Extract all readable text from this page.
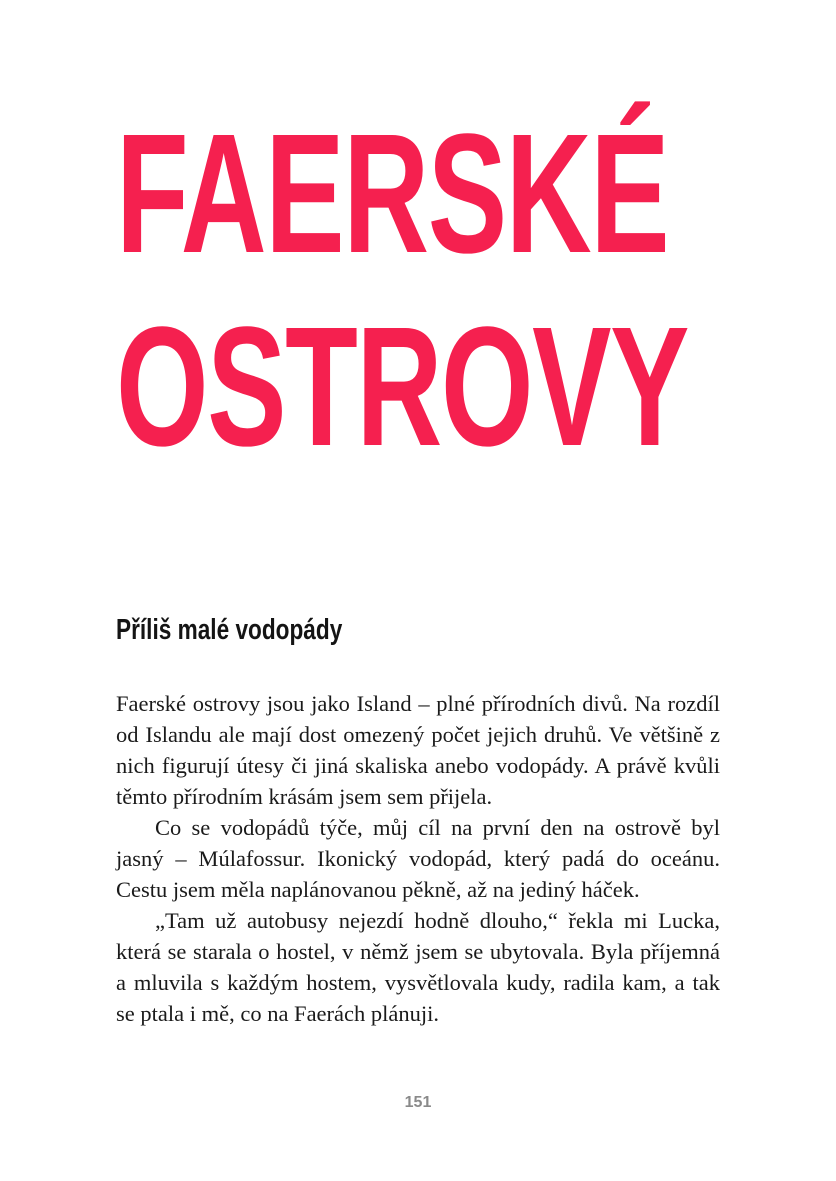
FAERSKÉ
OSTROVY
Příliš malé vodopády

Faerské ostrovy jsou jako Island – plné přírodních divů. Na rozdíl od Islandu ale mají dost omezený počet jejich druhů. Ve většině z nich figurují útesy či jiná skaliska anebo vodopády. A právě kvůli těmto přírodním krásám jsem sem přijela.

Co se vodopádů týče, můj cíl na první den na ostrově byl jasný – Múlafossur. Ikonický vodopád, který padá do oceánu. Cestu jsem měla naplánovanou pěkně, až na jediný háček.

„Tam už autobusy nejezdí hodně dlouho,“ řekla mi Lucka, která se starala o hostel, v němž jsem se ubytovala. Byla příjemná a mluvila s každým hostem, vysvětlovala kudy, radila kam, a tak se ptala i mě, co na Faerách plánuji.

151
